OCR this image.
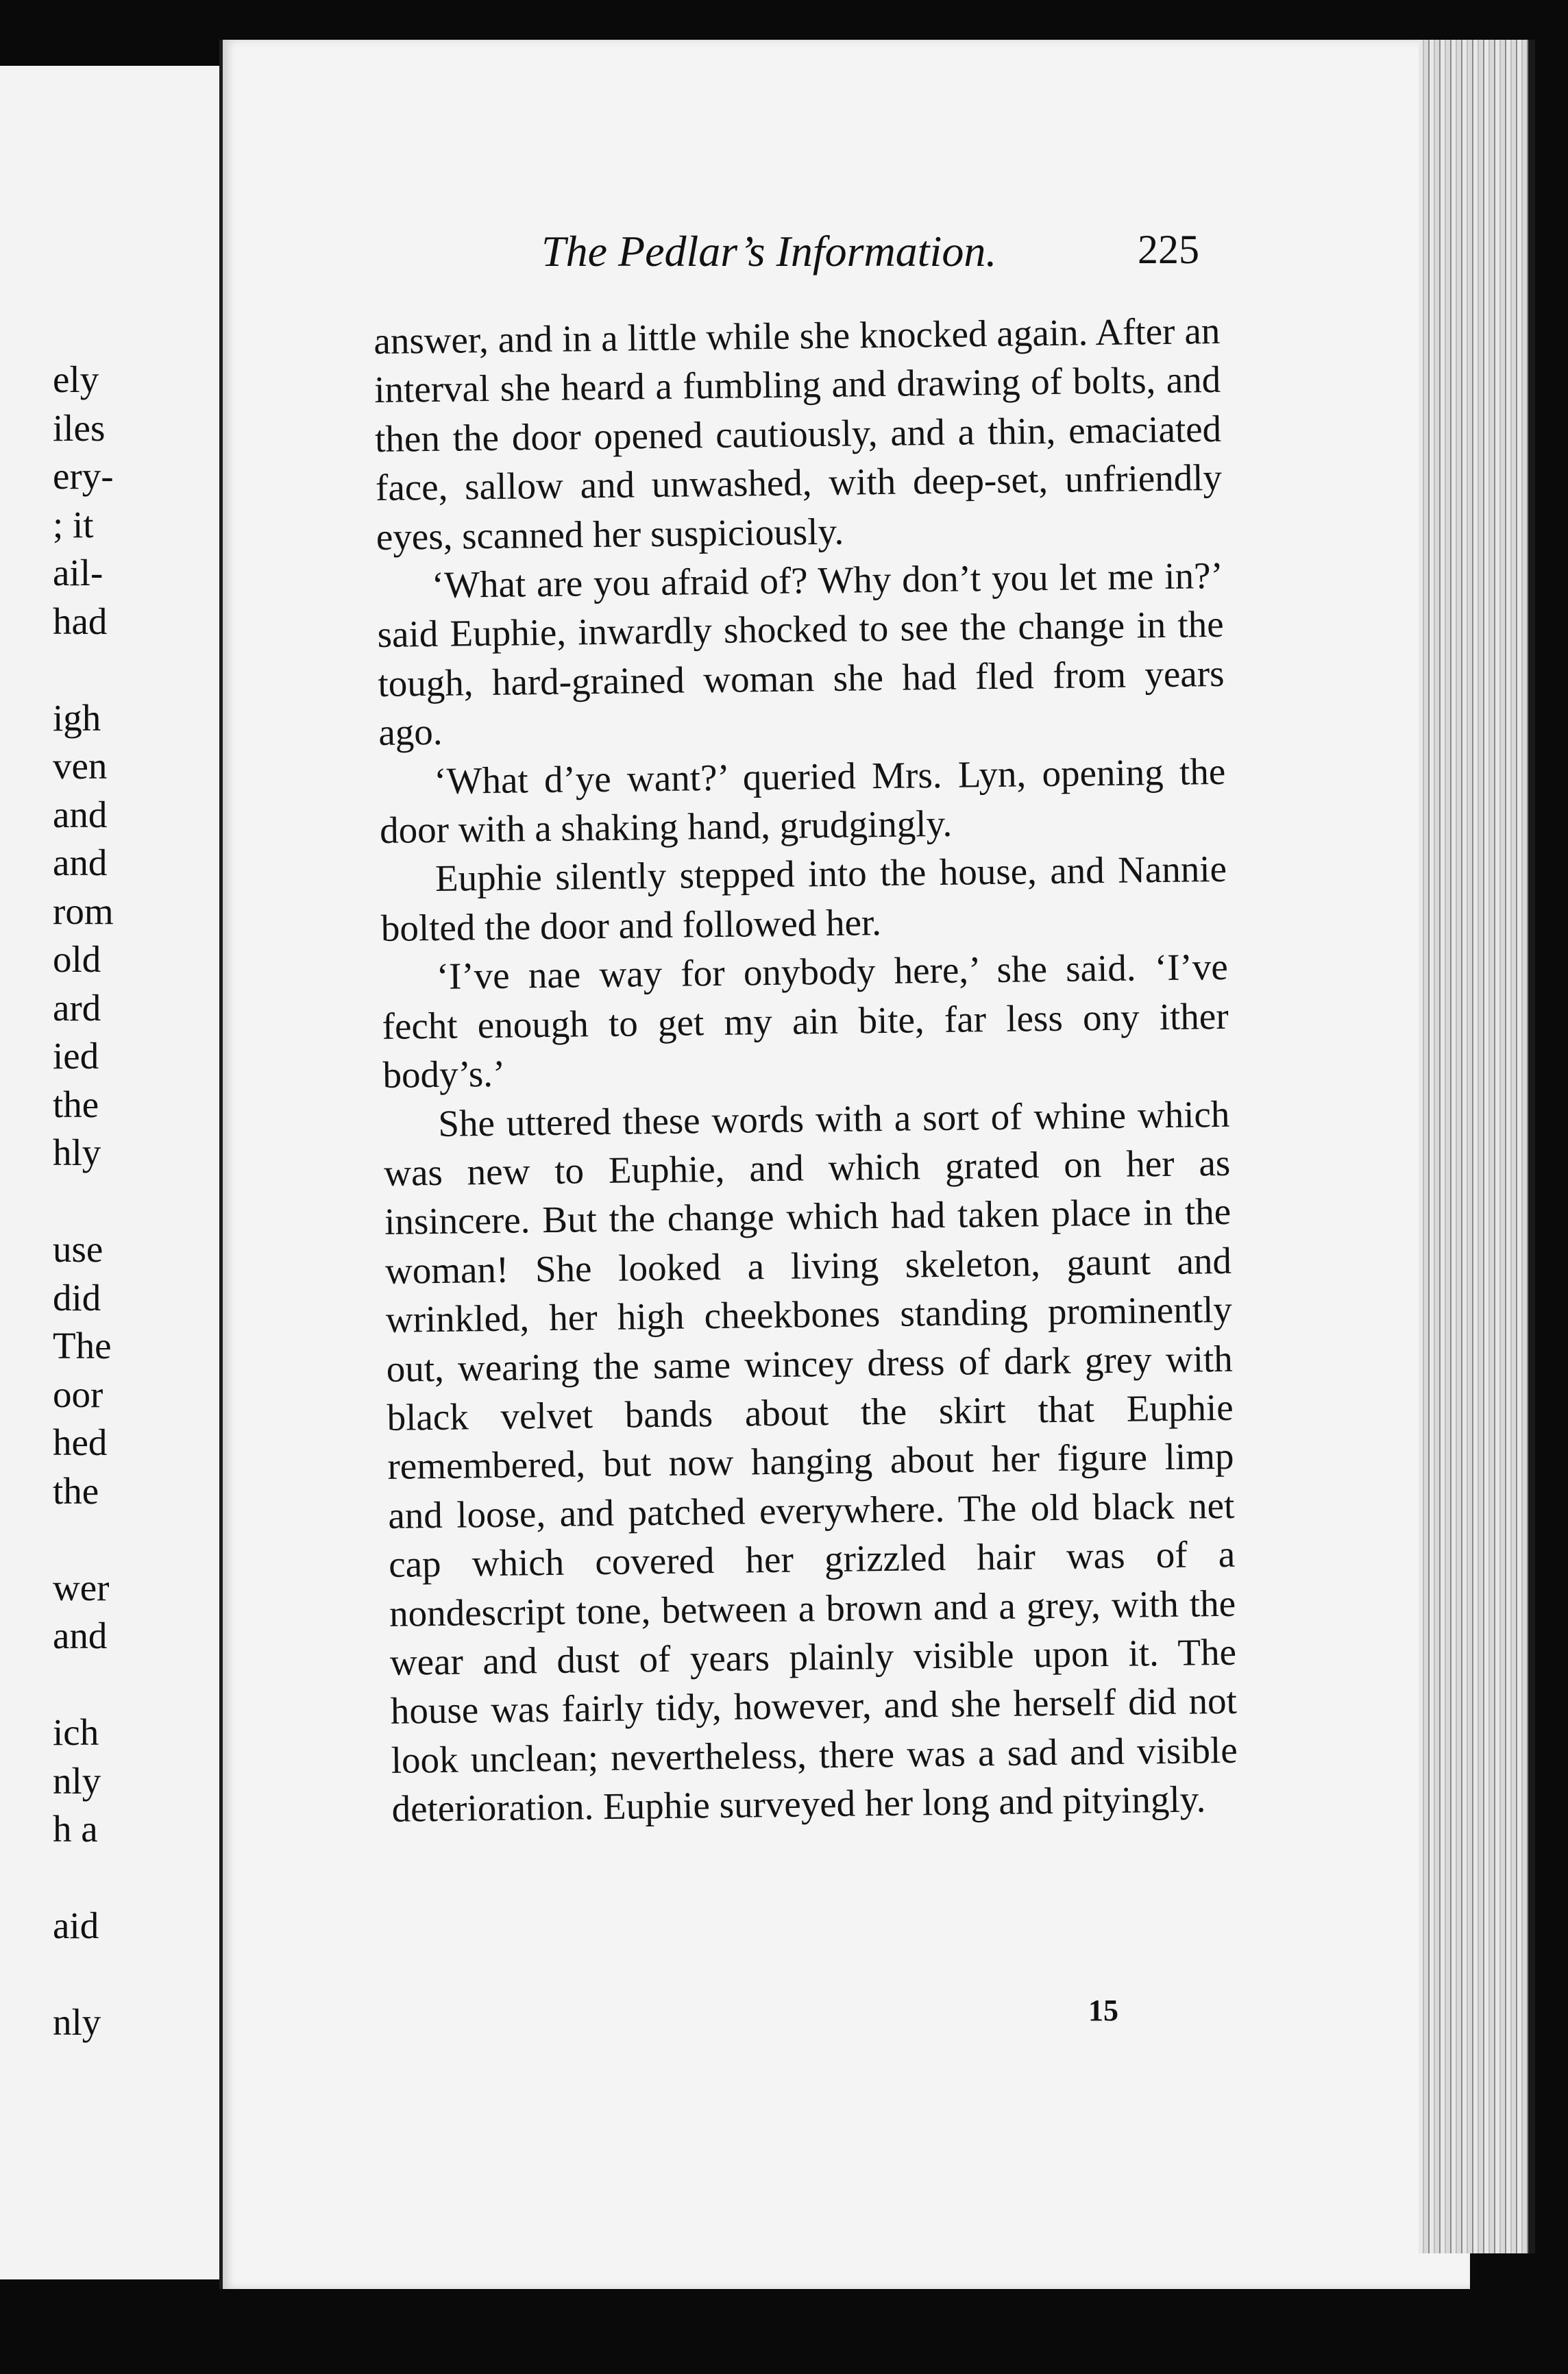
ely
iles
ery-
; it
ail-
had
igh
ven
and
and
rom
old
ard
ied
the
hly
use
did
The
oor
hed
the
wer
and
ich
nly
h a
aid
nly
The Pedlar’s Information.	225

answer, and in a little while she knocked again. After an interval she heard a fumbling and drawing of bolts, and then the door opened cautiously, and a thin, emaciated face, sallow and unwashed, with deep-set, unfriendly eyes, scanned her suspiciously.

‘What are you afraid of? Why don’t you let me in?’ said Euphie, inwardly shocked to see the change in the tough, hard-grained woman she had fled from years ago.

‘What d’ye want?’ queried Mrs. Lyn, opening the door with a shaking hand, grudgingly.

Euphie silently stepped into the house, and Nannie bolted the door and followed her.

‘I’ve nae way for onybody here,’ she said. ‘I’ve fecht enough to get my ain bite, far less ony ither body’s.’

She uttered these words with a sort of whine which was new to Euphie, and which grated on her as insincere. But the change which had taken place in the woman! She looked a living skeleton, gaunt and wrinkled, her high cheekbones standing prominently out, wearing the same wincey dress of dark grey with black velvet bands about the skirt that Euphie remembered, but now hanging about her figure limp and loose, and patched everywhere. The old black net cap which covered her grizzled hair was of a nondescript tone, between a brown and a grey, with the wear and dust of years plainly visible upon it. The house was fairly tidy, however, and she herself did not look unclean; nevertheless, there was a sad and visible deterioration. Euphie surveyed her long and pityingly.

15
